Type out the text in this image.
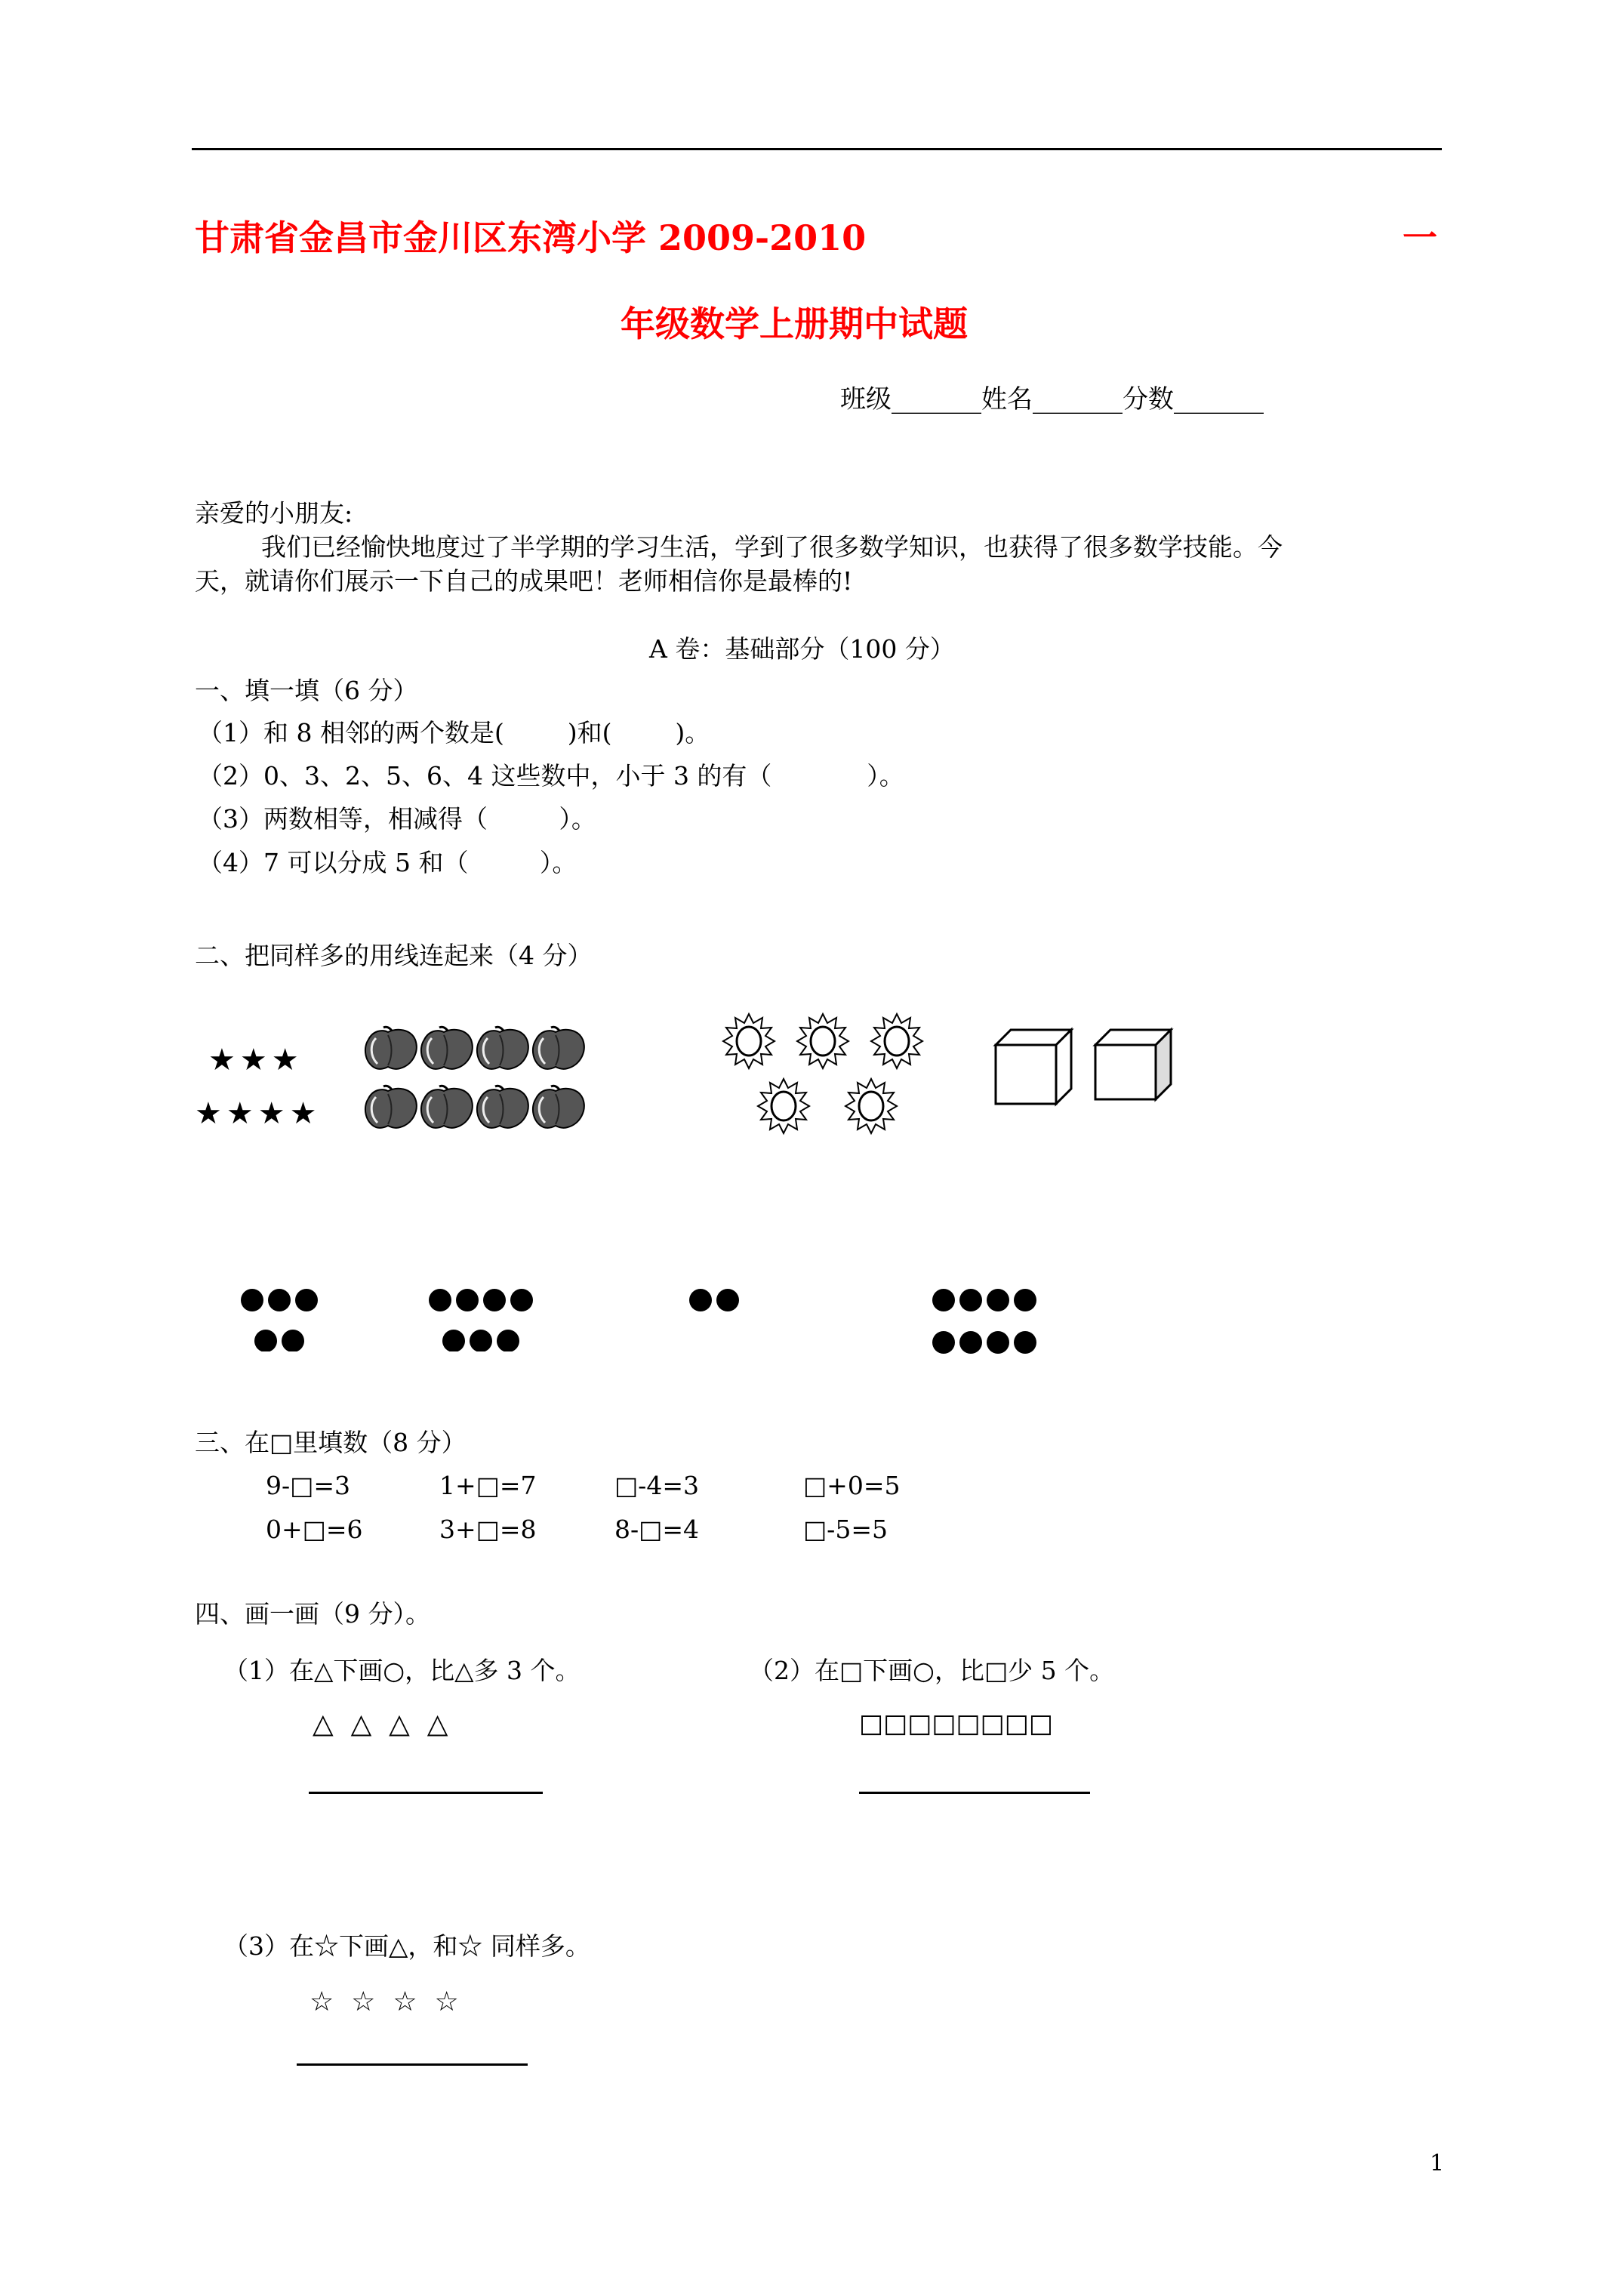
甘肃省金昌市金川区东湾小学 2009-2010	一
年级数学上册期中试题
班级_______姓名_______分数_______
亲爱的小朋友:
我们已经愉快地度过了半学期的学习生活，学到了很多数学知识，也获得了很多数学技能。今
天，就请你们展示一下自己的成果吧！老师相信你是最棒的!
A 卷：基础部分（100 分）
一、填一填（6 分）
（1）和 8 相邻的两个数是(        )和(        )。
（2）0、3、2、5、6、4 这些数中，小于 3 的有（            ）。
（3）两数相等，相减得（         ）。
（4）7 可以分成 5 和（         ）。
二、把同样多的用线连起来（4 分）
★★★
★★★★
三、在□里填数（8 分）
9-□=3	1+□=7	□-4=3	□+0=5
0+□=6	3+□=8	8-□=4	□-5=5
四、画一画（9 分）。
（1）在△下画○，比△多 3 个。	（2）在□下画○，比□少 5 个。
△  △  △  △	□□□□□□□□
（3）在☆下画△，和☆ 同样多。
☆  ☆  ☆  ☆
1
